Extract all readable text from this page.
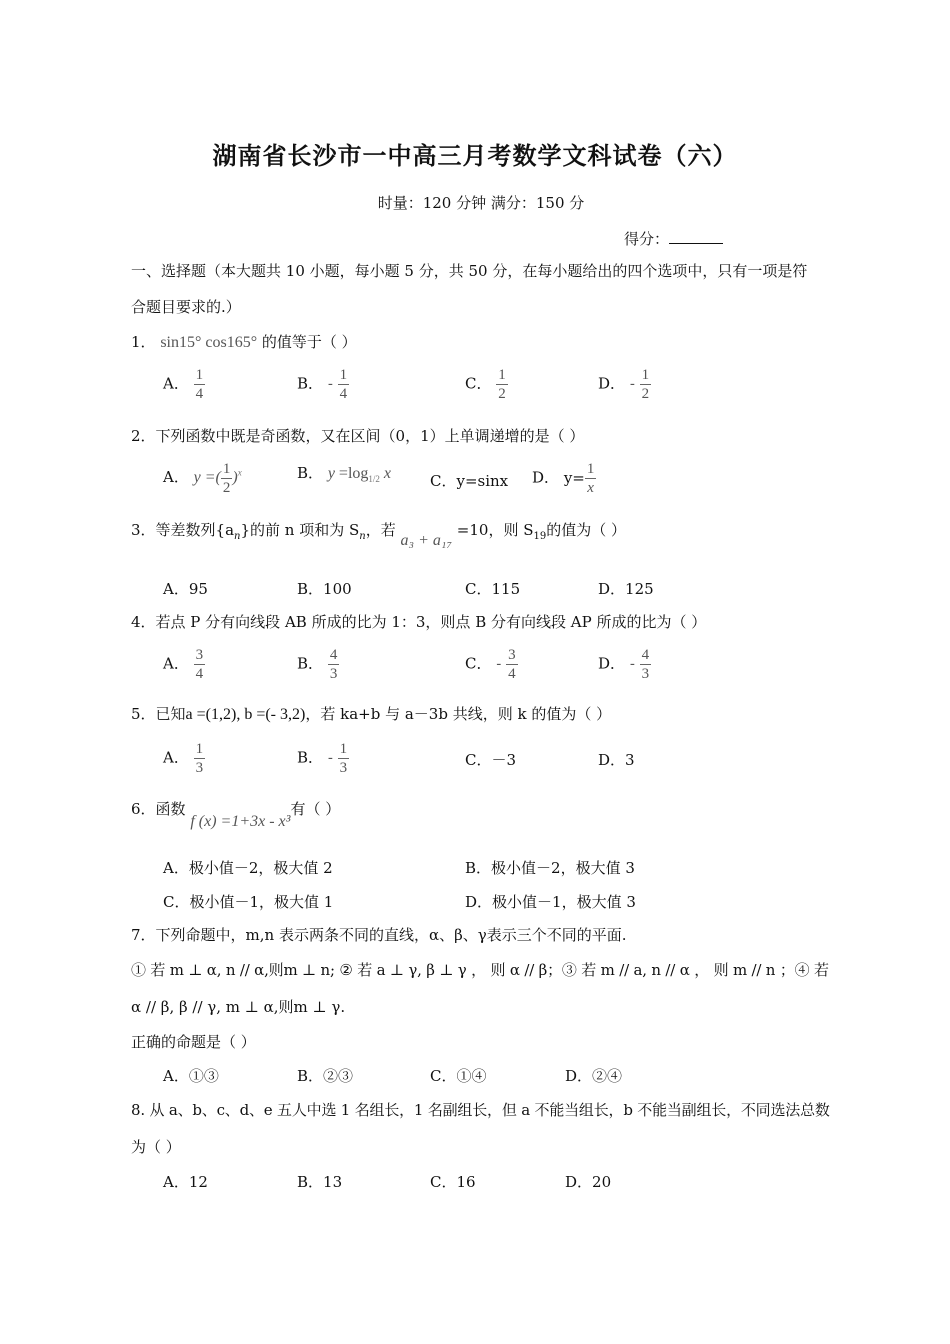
湖南省长沙市一中高三月考数学文科试卷（六）
时量：120 分钟 满分：150 分
得分：
一、选择题（本大题共 10 小题，每小题 5 分，共 50 分，在每小题给出的四个选项中，只有一项是符
合题目要求的.）
1． sin15° cos165° 的值等于（ ）
A． $\frac{1}{4}$	B． - $\frac{1}{4}$	C． $\frac{1}{2}$	D． - $\frac{1}{2}$
2．下列函数中既是奇函数，又在区间（0，1）上单调递增的是（ ）
A． y =( $\frac{1}{2} )^x$	B． $y =\log_{1/2}$ x	C．y=sinx D． $y= \frac{1}{x}$
3．等差数列$\{a_n\}$的前 n 项和为 $S_n$，若 a₃ + a₁₇ =10，则 $S_{19}$的值为（ ）
A．95	B．100	C．115	D．125
4．若点 P 分有向线段 AB 所成的比为 1：3，则点 B 分有向线段 AP 所成的比为（ ）
A． $\frac{3}{4}$	B． $\frac{4}{3}$	C． - $\frac{3}{4}$	D． - $\frac{4}{3}$
5．已知a =(1,2), b =(- 3,2)，若 ka+b 与 a－3b 共线，则 k 的值为（ ）
A． $\frac{1}{3}$	B． - $\frac{1}{3}$	C．－3	D．3
6．函数 f (x) =1+3x - x³有（ ）
A．极小值－2，极大值 2	B．极小值－2，极大值 3
C．极小值－1，极大值 1	D．极小值－1，极大值 3
7．下列命题中，m,n 表示两条不同的直线，α、β、γ表示三个不同的平面.
① 若 m ⊥ α, n // α,则m ⊥ n; ② 若 a ⊥ γ, β ⊥ γ ， 则 α // β；③ 若 m // a, n // α ， 则 m // n ；④ 若
α // β, β // γ, m ⊥ α,则m ⊥ γ.
正确的命题是（ ）
A．①③	B．②③	C．①④	D．②④
8. 从 a、b、c、d、e 五人中选 1 名组长，1 名副组长，但 a 不能当组长，b 不能当副组长，不同选法总数
为（ ）
A．12	B．13	C．16	D．20
